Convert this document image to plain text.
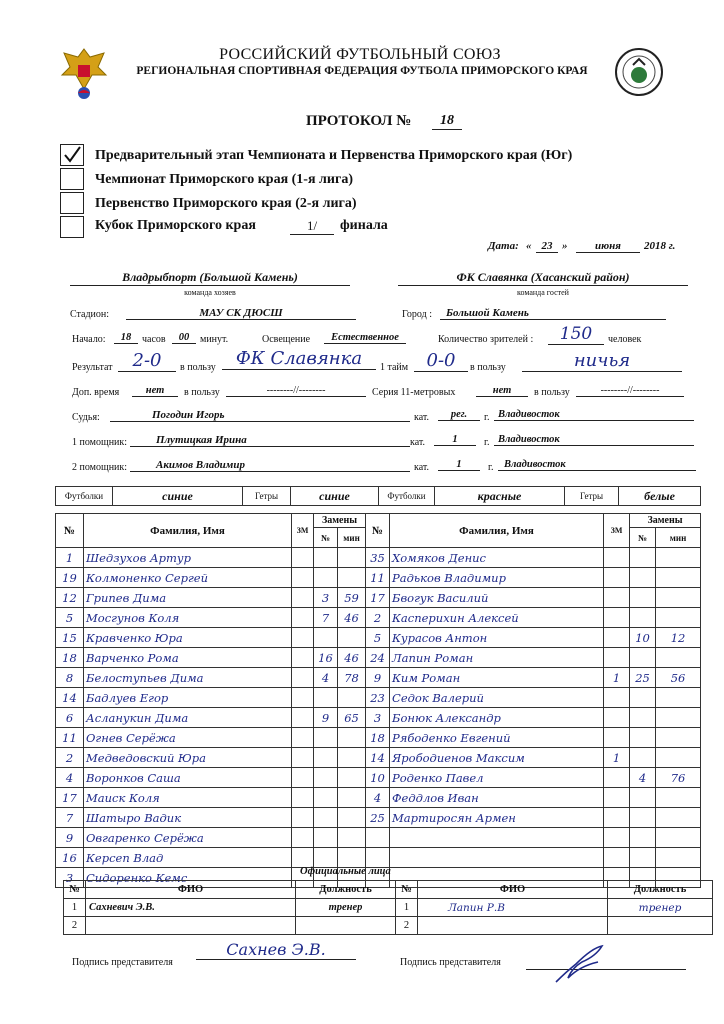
РОССИЙСКИЙ ФУТБОЛЬНЫЙ СОЮЗ
РЕГИОНАЛЬНАЯ СПОРТИВНАЯ ФЕДЕРАЦИЯ ФУТБОЛА ПРИМОРСКОГО КРАЯ
ПРОТОКОЛ №	18
Предварительный этап Чемпионата и Первенства Приморского края (Юг)
Чемпионат Приморского края (1-я лига)
Первенство Приморского края (2-я лига)
Кубок Приморского края	1/	финала
Дата: « 23 »	июня	2018 г.
Владрыбпорт (Большой Камень)
команда хозяев
ФК Славянка (Хасанский район)
команда гостей
Стадион:	МАУ СК ДЮСШ	Город :	Большой Камень
Начало:	18	часов	00	минут.	Освещение	Естественное	Количество зрителей :	150	человек
Результат	2-0	в пользу	ФК Славянка	1 тайм	0-0	в пользу	ничья
Доп. время	нет	в пользу	--------//--------	Серия 11-метровых	нет	в пользу	--------//--------
Судья:	Погодин Игорь	кат.	рег.	г. Владивосток
1 помощник:	Плутицкая Ирина	кат.	1	г. Владивосток
2 помощник:	Акимов Владимир	кат.	1	г.	Владивосток
Футболки	синие	Гетры	синие	Футболки	красные	Гетры	белые
№	Фамилия, Имя	ЗМ	Замены		№	Фамилия, Имя	ЗМ	Замены	
			№	мин				№	мин
1	Шедзухов Артур				35	Хомяков Денис			
19	Колмоненко Сергей				11	Радьков Владимир			
12	Грипев Дима		3	59	17	Бвогук Василий			
5	Мосгунов Коля		7	46	2	Касперихин Алексей			
15	Кравченко Юра				5	Курасов Антон		10	12
18	Варченко Рома		16	46	24	Лапин Роман			
8	Белоступьев Дима		4	78	9	Ким Роман	1	25	56
14	Бадлуев Егор				23	Седок Валерий			
6	Асланукин Дима		9	65	3	Бонюк Александр			
11	Огнев Серёжа				18	Рябоденко Евгений			
2	Медведовский Юра				14	Ярободиенов Максим	1		
4	Воронков Саша				10	Роденко Павел		4	76
17	Маиск Коля				4	Феддлов Иван			
7	Шатыро Вадик				25	Мартиросян Армен			
9	Овгаренко Серёжа								
16	Керсеп Влад								
3	Сидоренко Кемс									Официальные лица
№	ФИО	Должность	№	ФИО	Должность
1	Сахневич Э.В.	тренер	1	Лапин Р.В	тренер
2			2		
Подпись представителя
Сахнев Э.В.
Подпись представителя
